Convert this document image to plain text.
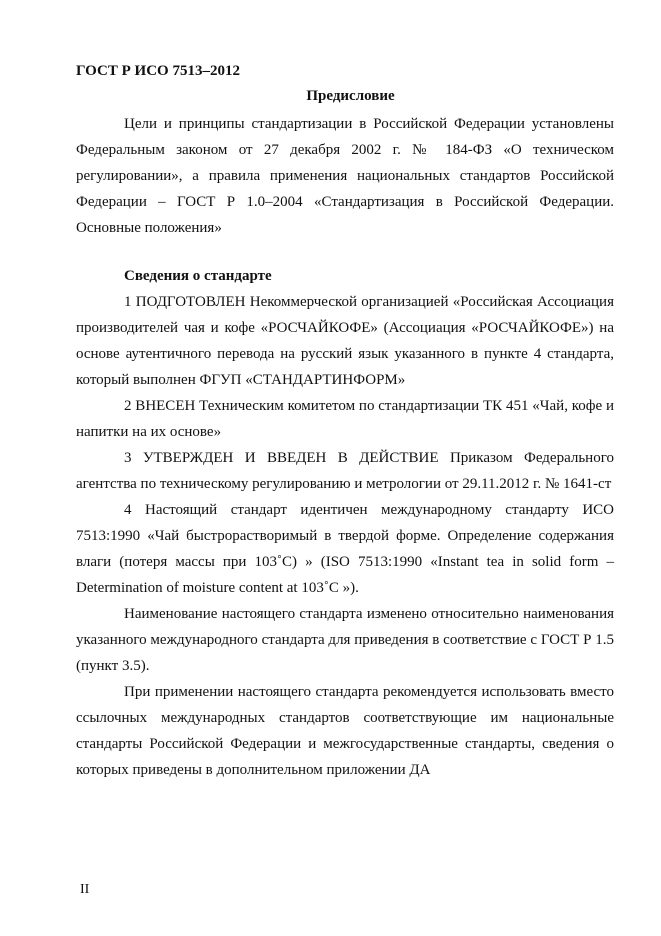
ГОСТ Р ИСО 7513–2012
Предисловие

Цели и принципы стандартизации в Российской Федерации установлены Федеральным законом от 27 декабря 2002 г. № 184-ФЗ «О техническом регулировании», а правила применения национальных стандартов Российской Федерации – ГОСТ Р 1.0–2004 «Стандартизация в Российской Федерации. Основные положения»

Сведения о стандарте

1 ПОДГОТОВЛЕН Некоммерческой организацией «Российская Ассоциация производителей чая и кофе «РОСЧАЙКОФЕ» (Ассоциация «РОСЧАЙКОФЕ») на основе аутентичного перевода на русский язык указанного в пункте 4 стандарта, который выполнен ФГУП «СТАНДАРТИНФОРМ»

2 ВНЕСЕН Техническим комитетом по стандартизации ТК 451 «Чай, кофе и напитки на их основе»

3 УТВЕРЖДЕН И ВВЕДЕН В ДЕЙСТВИЕ Приказом Федерального агентства по техническому регулированию и метрологии от 29.11.2012 г. № 1641-ст

4 Настоящий стандарт идентичен международному стандарту ИСО 7513:1990 «Чай быстрорастворимый в твердой форме. Определение содержания влаги (потеря массы при 103˚С) » (ISO 7513:1990 «Instant tea in solid form – Determination of moisture content at 103˚С »).

Наименование настоящего стандарта изменено относительно наименования указанного международного стандарта для приведения в соответствие с ГОСТ Р 1.5 (пункт 3.5).

При применении настоящего стандарта рекомендуется использовать вместо ссылочных международных стандартов соответствующие им национальные стандарты Российской Федерации и межгосударственные стандарты, сведения о которых приведены в дополнительном приложении ДА

II
